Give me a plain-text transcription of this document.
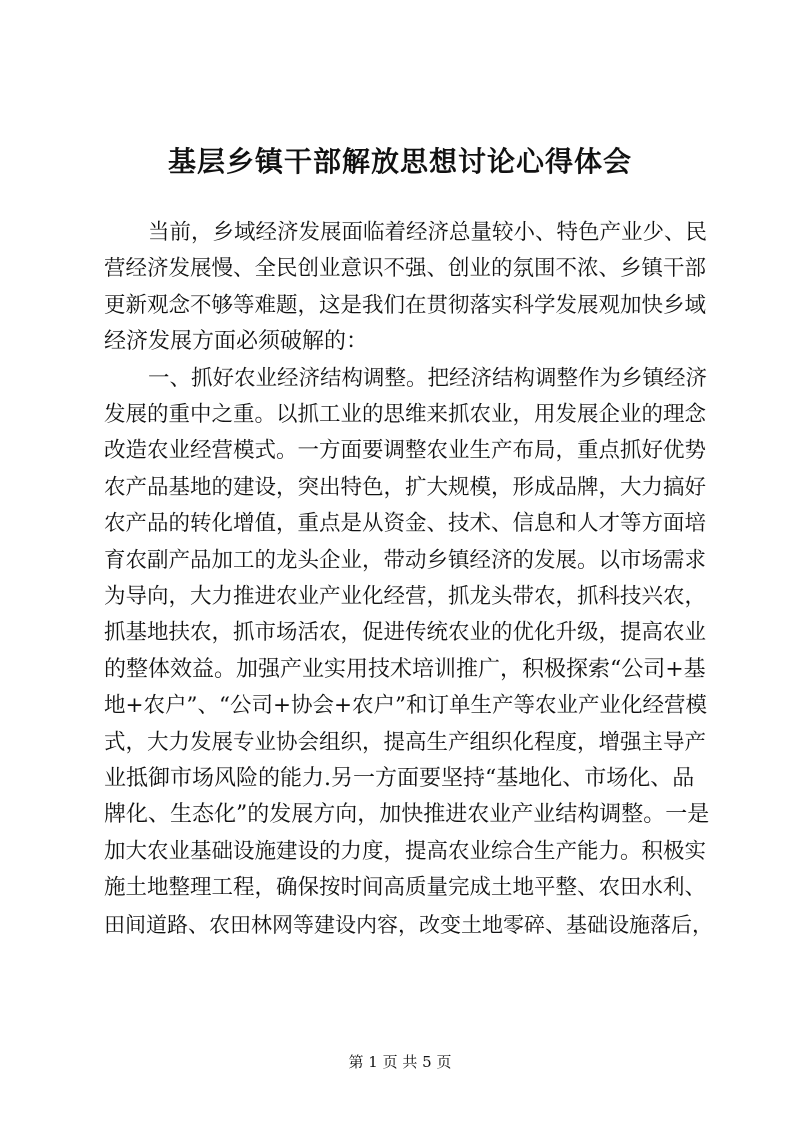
基层乡镇干部解放思想讨论心得体会
当前，乡域经济发展面临着经济总量较小、特色产业少、民
营经济发展慢、全民创业意识不强、创业的氛围不浓、乡镇干部
更新观念不够等难题，这是我们在贯彻落实科学发展观加快乡域
经济发展方面必须破解的：
一、抓好农业经济结构调整。把经济结构调整作为乡镇经济
发展的重中之重。以抓工业的思维来抓农业，用发展企业的理念
改造农业经营模式。一方面要调整农业生产布局，重点抓好优势
农产品基地的建设，突出特色，扩大规模，形成品牌，大力搞好
农产品的转化增值，重点是从资金、技术、信息和人才等方面培
育农副产品加工的龙头企业，带动乡镇经济的发展。以市场需求
为导向，大力推进农业产业化经营，抓龙头带农，抓科技兴农，
抓基地扶农，抓市场活农，促进传统农业的优化升级，提高农业
的整体效益。加强产业实用技术培训推广，积极探索“公司+基
地+农户”、“公司+协会+农户”和订单生产等农业产业化经营模
式，大力发展专业协会组织，提高生产组织化程度，增强主导产
业抵御市场风险的能力.另一方面要坚持“基地化、市场化、品
牌化、生态化”的发展方向，加快推进农业产业结构调整。一是
加大农业基础设施建设的力度，提高农业综合生产能力。积极实
施土地整理工程，确保按时间高质量完成土地平整、农田水利、
田间道路、农田林网等建设内容，改变土地零碎、基础设施落后，
第 1 页 共 5 页
